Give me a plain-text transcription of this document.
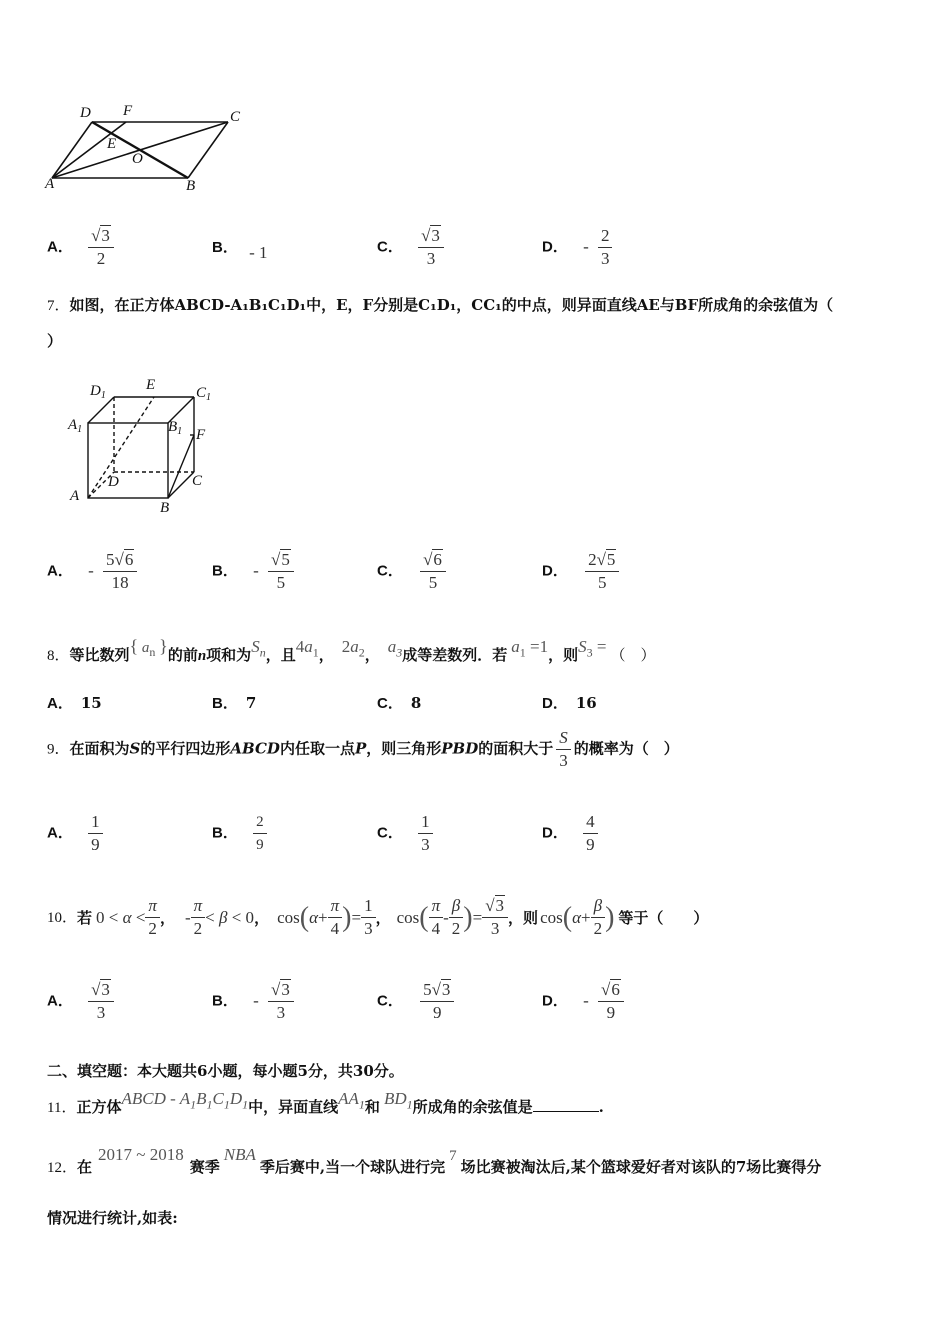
D F	C
E
O
A	B
A． $\frac{√3}{2}$	B． - 1	C． $\frac{√3}{3}$	D． - $\frac{2}{3}$
7．如图，在正方体ABCD-A₁B₁C₁D₁中，E，F分别是C₁D₁，CC₁的中点，则异面直线AE与BF所成角的余弦值为（
）
$D_1$
E	$C_1$
$A_1$	$B_1$ F
D	C
A
B
A． - $\frac{5√6}{18}$	B． - $\frac{√5}{5}$	C． $\frac{√6}{5}$	D． $\frac{2√5}{5}$
8．等比数列{ $a_n$ }的前n项和为$S_n$，且$4a_1$， $2a_2$， $a_3$成等差数列．若 $a_1 =1$，则$S_3$ = （　）
A． 15	B． 7	C． 8	D． 16
9．在面积为S的平行四边形ABCD内任取一点P，则三角形PBD的面积大于 $\frac{S}{3}$ 的概率为（　）
A． $\frac{1}{9}$	B． $\frac{2}{9}$	C． $\frac{1}{3}$	D． $\frac{4}{9}$
10． 若 $0 < \alpha < \frac{\pi}{2}$ ， - $\frac{\pi}{2} < \beta < 0$ ， cos ( $\alpha + \frac{\pi}{4}$ ) = $\frac{1}{3}$ ， cos ( $\frac{\pi}{4} - \frac{\beta}{2}$ ) = $\frac{√3}{3}$ ，则 cos ( $\alpha + \frac{\beta}{2}$ ) 等于（　　）
A． $\frac{√3}{3}$	B． - $\frac{√3}{3}$	C． $\frac{5√3}{9}$	D． - $\frac{√6}{9}$
二、填空题：本大题共6小题，每小题5分，共30分。
11．正方体ABCD - $A_1B_1C_1D_1$中，异面直线$AA_1$和 $BD_1$所成角的余弦值是	.
12．在2017 ~ 2018赛季NBA季后赛中,当一个球队进行完7场比赛被淘汰后,某个篮球爱好者对该队的7场比赛得分
情况进行统计,如表:
